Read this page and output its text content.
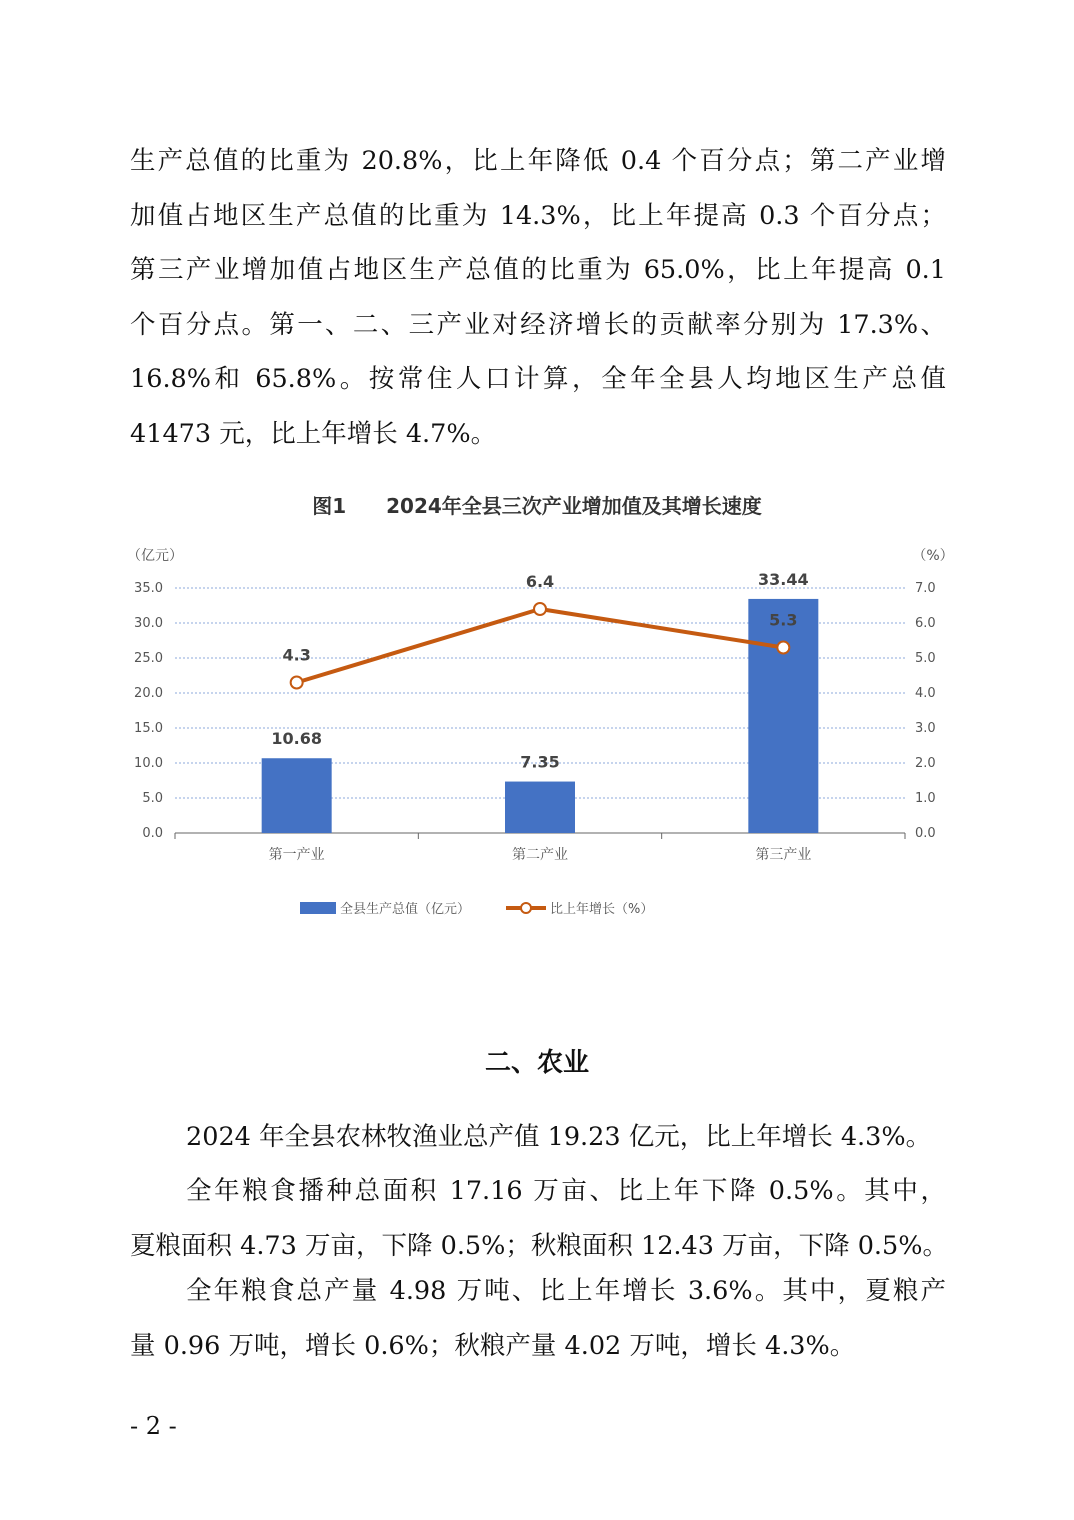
生产总值的比重为 20.8%，比上年降低 0.4 个百分点；第二产业增
加值占地区生产总值的比重为 14.3%，比上年提高 0.3 个百分点；
第三产业增加值占地区生产总值的比重为 65.0%，比上年提高 0.1
个百分点。第一、二、三产业对经济增长的贡献率分别为 17.3%、
16.8%和 65.8%。按常住人口计算，全年全县人均地区生产总值
41473 元，比上年增长 4.7%。
图1 2024年全县三次产业增加值及其增长速度
0.0
5.0
10.0
15.0
20.0
25.0
30.0
35.0
0.0
1.0
2.0
3.0
4.0
5.0
6.0
7.0
（亿元）	（%）
10.68
7.35
33.44
第一产业	第二产业	第三产业
4.3
6.4
5.3
全县生产总值（亿元）	比上年增长（%）
二、农业
2024 年全县农林牧渔业总产值 19.23 亿元，比上年增长 4.3%。
全年粮食播种总面积 17.16 万亩、比上年下降 0.5%。其中，
夏粮面积 4.73 万亩，下降 0.5%；秋粮面积 12.43 万亩，下降 0.5%。
全年粮食总产量 4.98 万吨、比上年增长 3.6%。其中，夏粮产
量 0.96 万吨，增长 0.6%；秋粮产量 4.02 万吨，增长 4.3%。
- 2 -
